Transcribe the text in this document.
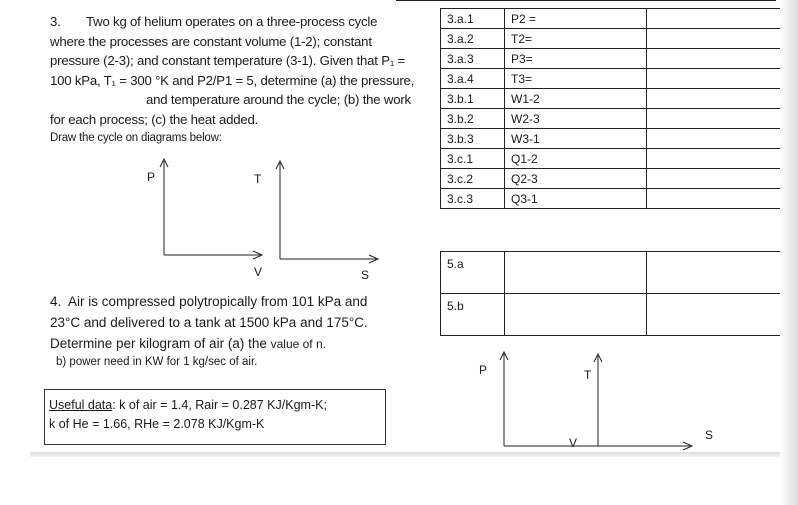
3. Two kg of helium operates on a three-process cycle
where the processes are constant volume (1-2); constant
pressure (2-3); and constant temperature (3-1). Given that P₁ =
100 kPa, T₁ = 300 °K and P2/P1 = 5, determine (a) the pressure,
and temperature around the cycle; (b) the work
for each process; (c) the heat added.
Draw the cycle on diagrams below:
P	T
V	S
3.a.1	P2 =	
3.a.2	T2=	
3.a.3	P3=	
3.a.4	T3=	
3.b.1	W1-2	
3.b.2	W2-3	
3.b.3	W3-1	
3.c.1	Q1-2	
3.c.2	Q2-3	
3.c.3	Q3-1	
5.a		
5.b		
4. Air is compressed polytropically from 101 kPa and
23°C and delivered to a tank at 1500 kPa and 175°C.
Determine per kilogram of air (a) the value of n.
b) power need in KW for 1 kg/sec of air.
Useful data: k of air = 1.4, Rair = 0.287 KJ/Kgm-K;
k of He = 1.66, RHe = 2.078 KJ/Kgm-K
P	T
V
S
